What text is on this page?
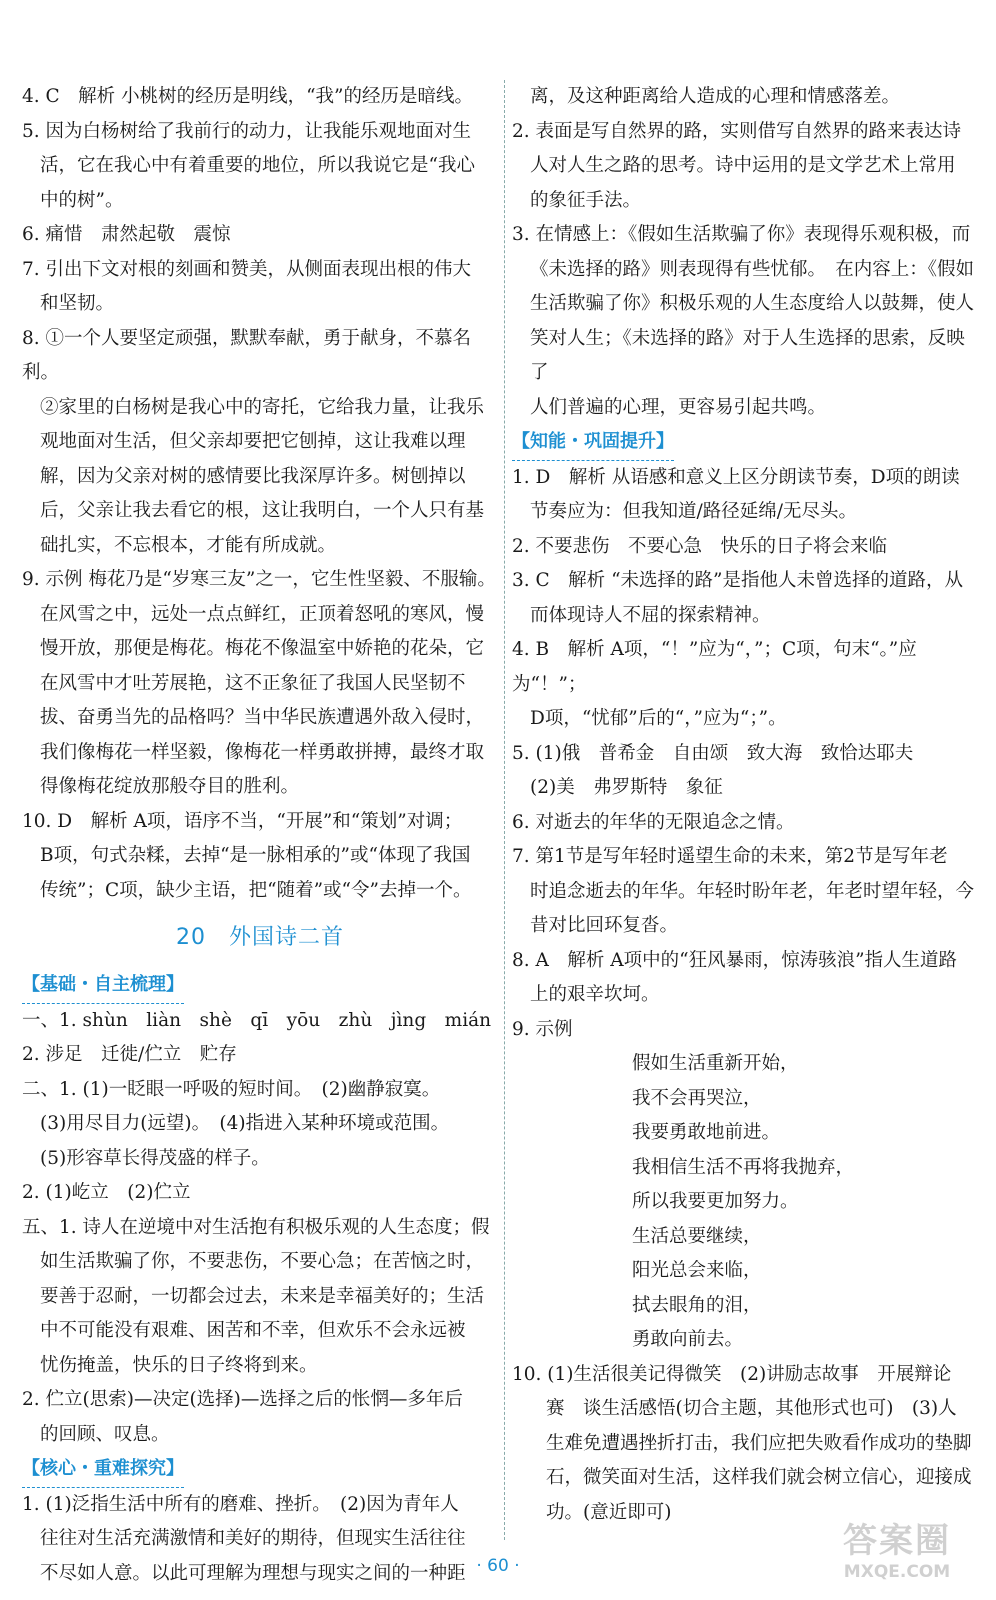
4. C　解析 小桃树的经历是明线，“我”的经历是暗线。

5. 因为白杨树给了我前行的动力，让我能乐观地面对生

活，它在我心中有着重要的地位，所以我说它是“我心

中的树”。

6. 痛惜　肃然起敬　震惊

7. 引出下文对根的刻画和赞美，从侧面表现出根的伟大

和坚韧。

8. ①一个人要坚定顽强，默默奉献，勇于献身，不慕名利。

②家里的白杨树是我心中的寄托，它给我力量，让我乐

观地面对生活，但父亲却要把它刨掉，这让我难以理

解，因为父亲对树的感情要比我深厚许多。树刨掉以

后，父亲让我去看它的根，这让我明白，一个人只有基

础扎实，不忘根本，才能有所成就。

9. 示例 梅花乃是“岁寒三友”之一，它生性坚毅、不服输。

在风雪之中，远处一点点鲜红，正顶着怒吼的寒风，慢

慢开放，那便是梅花。梅花不像温室中娇艳的花朵，它

在风雪中才吐芳展艳，这不正象征了我国人民坚韧不

拔、奋勇当先的品格吗？当中华民族遭遇外敌入侵时，

我们像梅花一样坚毅，像梅花一样勇敢拼搏，最终才取

得像梅花绽放那般夺目的胜利。

10. D　解析 A项，语序不当，“开展”和“策划”对调；

B项，句式杂糅，去掉“是一脉相承的”或“体现了我国

传统”；C项，缺少主语，把“随着”或“令”去掉一个。

20　外国诗二首
【基础・自主梳理】

一、1. shùn　liàn　shè　qī　yōu　zhù　jìng　mián

2. 涉足　迁徙/伫立　贮存

二、1. (1)一眨眼一呼吸的短时间。　(2)幽静寂寞。

(3)用尽目力(远望)。　(4)指进入某种环境或范围。

(5)形容草长得茂盛的样子。

2. (1)屹立　(2)伫立

五、1. 诗人在逆境中对生活抱有积极乐观的人生态度；假

如生活欺骗了你，不要悲伤，不要心急；在苦恼之时，

要善于忍耐，一切都会过去，未来是幸福美好的；生活

中不可能没有艰难、困苦和不幸，但欢乐不会永远被

忧伤掩盖，快乐的日子终将到来。

2. 伫立(思索)—决定(选择)—选择之后的怅惘—多年后

的回顾、叹息。

【核心・重难探究】

1. (1)泛指生活中所有的磨难、挫折。　(2)因为青年人

往往对生活充满激情和美好的期待，但现实生活往往

不尽如人意。以此可理解为理想与现实之间的一种距

离，及这种距离给人造成的心理和情感落差。

2. 表面是写自然界的路，实则借写自然界的路来表达诗

人对人生之路的思考。诗中运用的是文学艺术上常用

的象征手法。

3. 在情感上：《假如生活欺骗了你》表现得乐观积极，而

《未选择的路》则表现得有些忧郁。　在内容上：《假如

生活欺骗了你》积极乐观的人生态度给人以鼓舞，使人

笑对人生；《未选择的路》对于人生选择的思索，反映了

人们普遍的心理，更容易引起共鸣。

【知能・巩固提升】

1. D　解析 从语感和意义上区分朗读节奏，D项的朗读

节奏应为：但我知道/路径延绵/无尽头。

2. 不要悲伤　不要心急　快乐的日子将会来临

3. C　解析 “未选择的路”是指他人未曾选择的道路，从

而体现诗人不屈的探索精神。

4. B　解析 A项，“！”应为“，”；C项，句末“。”应为“！”；

D项，“忧郁”后的“，”应为“；”。

5. (1)俄　普希金　自由颂　致大海　致恰达耶夫

(2)美　弗罗斯特　象征

6. 对逝去的年华的无限追念之情。

7. 第1节是写年轻时遥望生命的未来，第2节是写年老

时追念逝去的年华。年轻时盼年老，年老时望年轻，今

昔对比回环复沓。

8. A　解析 A项中的“狂风暴雨，惊涛骇浪”指人生道路

上的艰辛坎坷。

9. 示例

假如生活重新开始，

我不会再哭泣，

我要勇敢地前进。

我相信生活不再将我抛弃，

所以我要更加努力。

生活总要继续，

阳光总会来临，

拭去眼角的泪，

勇敢向前去。

10. (1)生活很美记得微笑　(2)讲励志故事　开展辩论

赛　谈生活感悟(切合主题，其他形式也可)　(3)人

生难免遭遇挫折打击，我们应把失败看作成功的垫脚

石，微笑面对生活，这样我们就会树立信心，迎接成

功。(意近即可)

· 60 ·
答案圈
MXQE.COM
